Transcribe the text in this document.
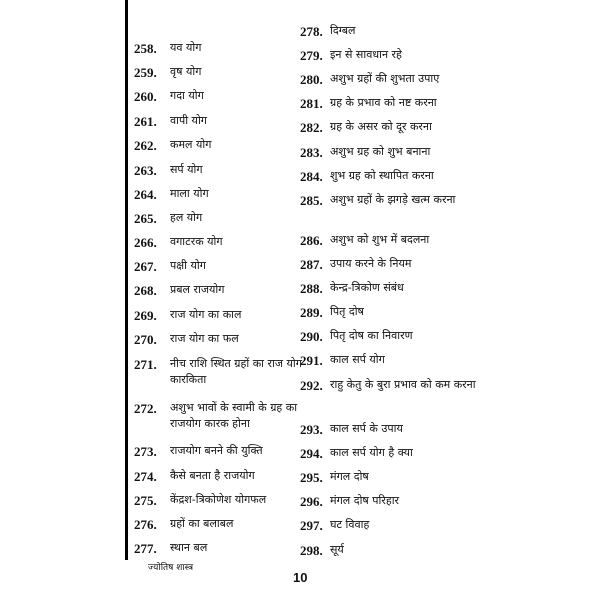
258. यव योग
259. वृष योग
260. गदा योग
261. वापी योग
262. कमल योग
263. सर्प योग
264. माला योग
265. हल योग
266. वगाटरक योग
267. पक्षी योग
268. प्रबल राजयोग
269. राज योग का काल
270. राज योग का फल
271. नीच राशि स्थित ग्रहों का राज योग कारकिता
272. अशुभ भावों के स्वामी के ग्रह का राजयोग कारक होना
273. राजयोग बनने की युक्ति
274. कैसे बनता है राजयोग
275. केंद्रश-त्रिकोणेश योगफल
276. ग्रहों का बलाबल
277. स्थान बल
278. दिग्बल
279. इन से सावधान रहे
280. अशुभ ग्रहों की शुभता उपाए
281. ग्रह के प्रभाव को नष्ट करना
282. ग्रह के असर को दूर करना
283. अशुभ ग्रह को शुभ बनाना
284. शुभ ग्रह को स्थापित करना
285. अशुभ ग्रहों के झगड़े खत्म करना
286. अशुभ को शुभ में बदलना
287. उपाय करने के नियम
288. केन्द्र-त्रिकोण संबंध
289. पितृ दोष
290. पितृ दोष का निवारण
291. काल सर्प योग
292. राहु केतु के बुरा प्रभाव को कम करना
293. काल सर्प के उपाय
294. काल सर्प योग है क्या
295. मंगल दोष
296. मंगल दोष परिहार
297. घट विवाह
298. सूर्य
ज्योतिष शास्त्र
10
